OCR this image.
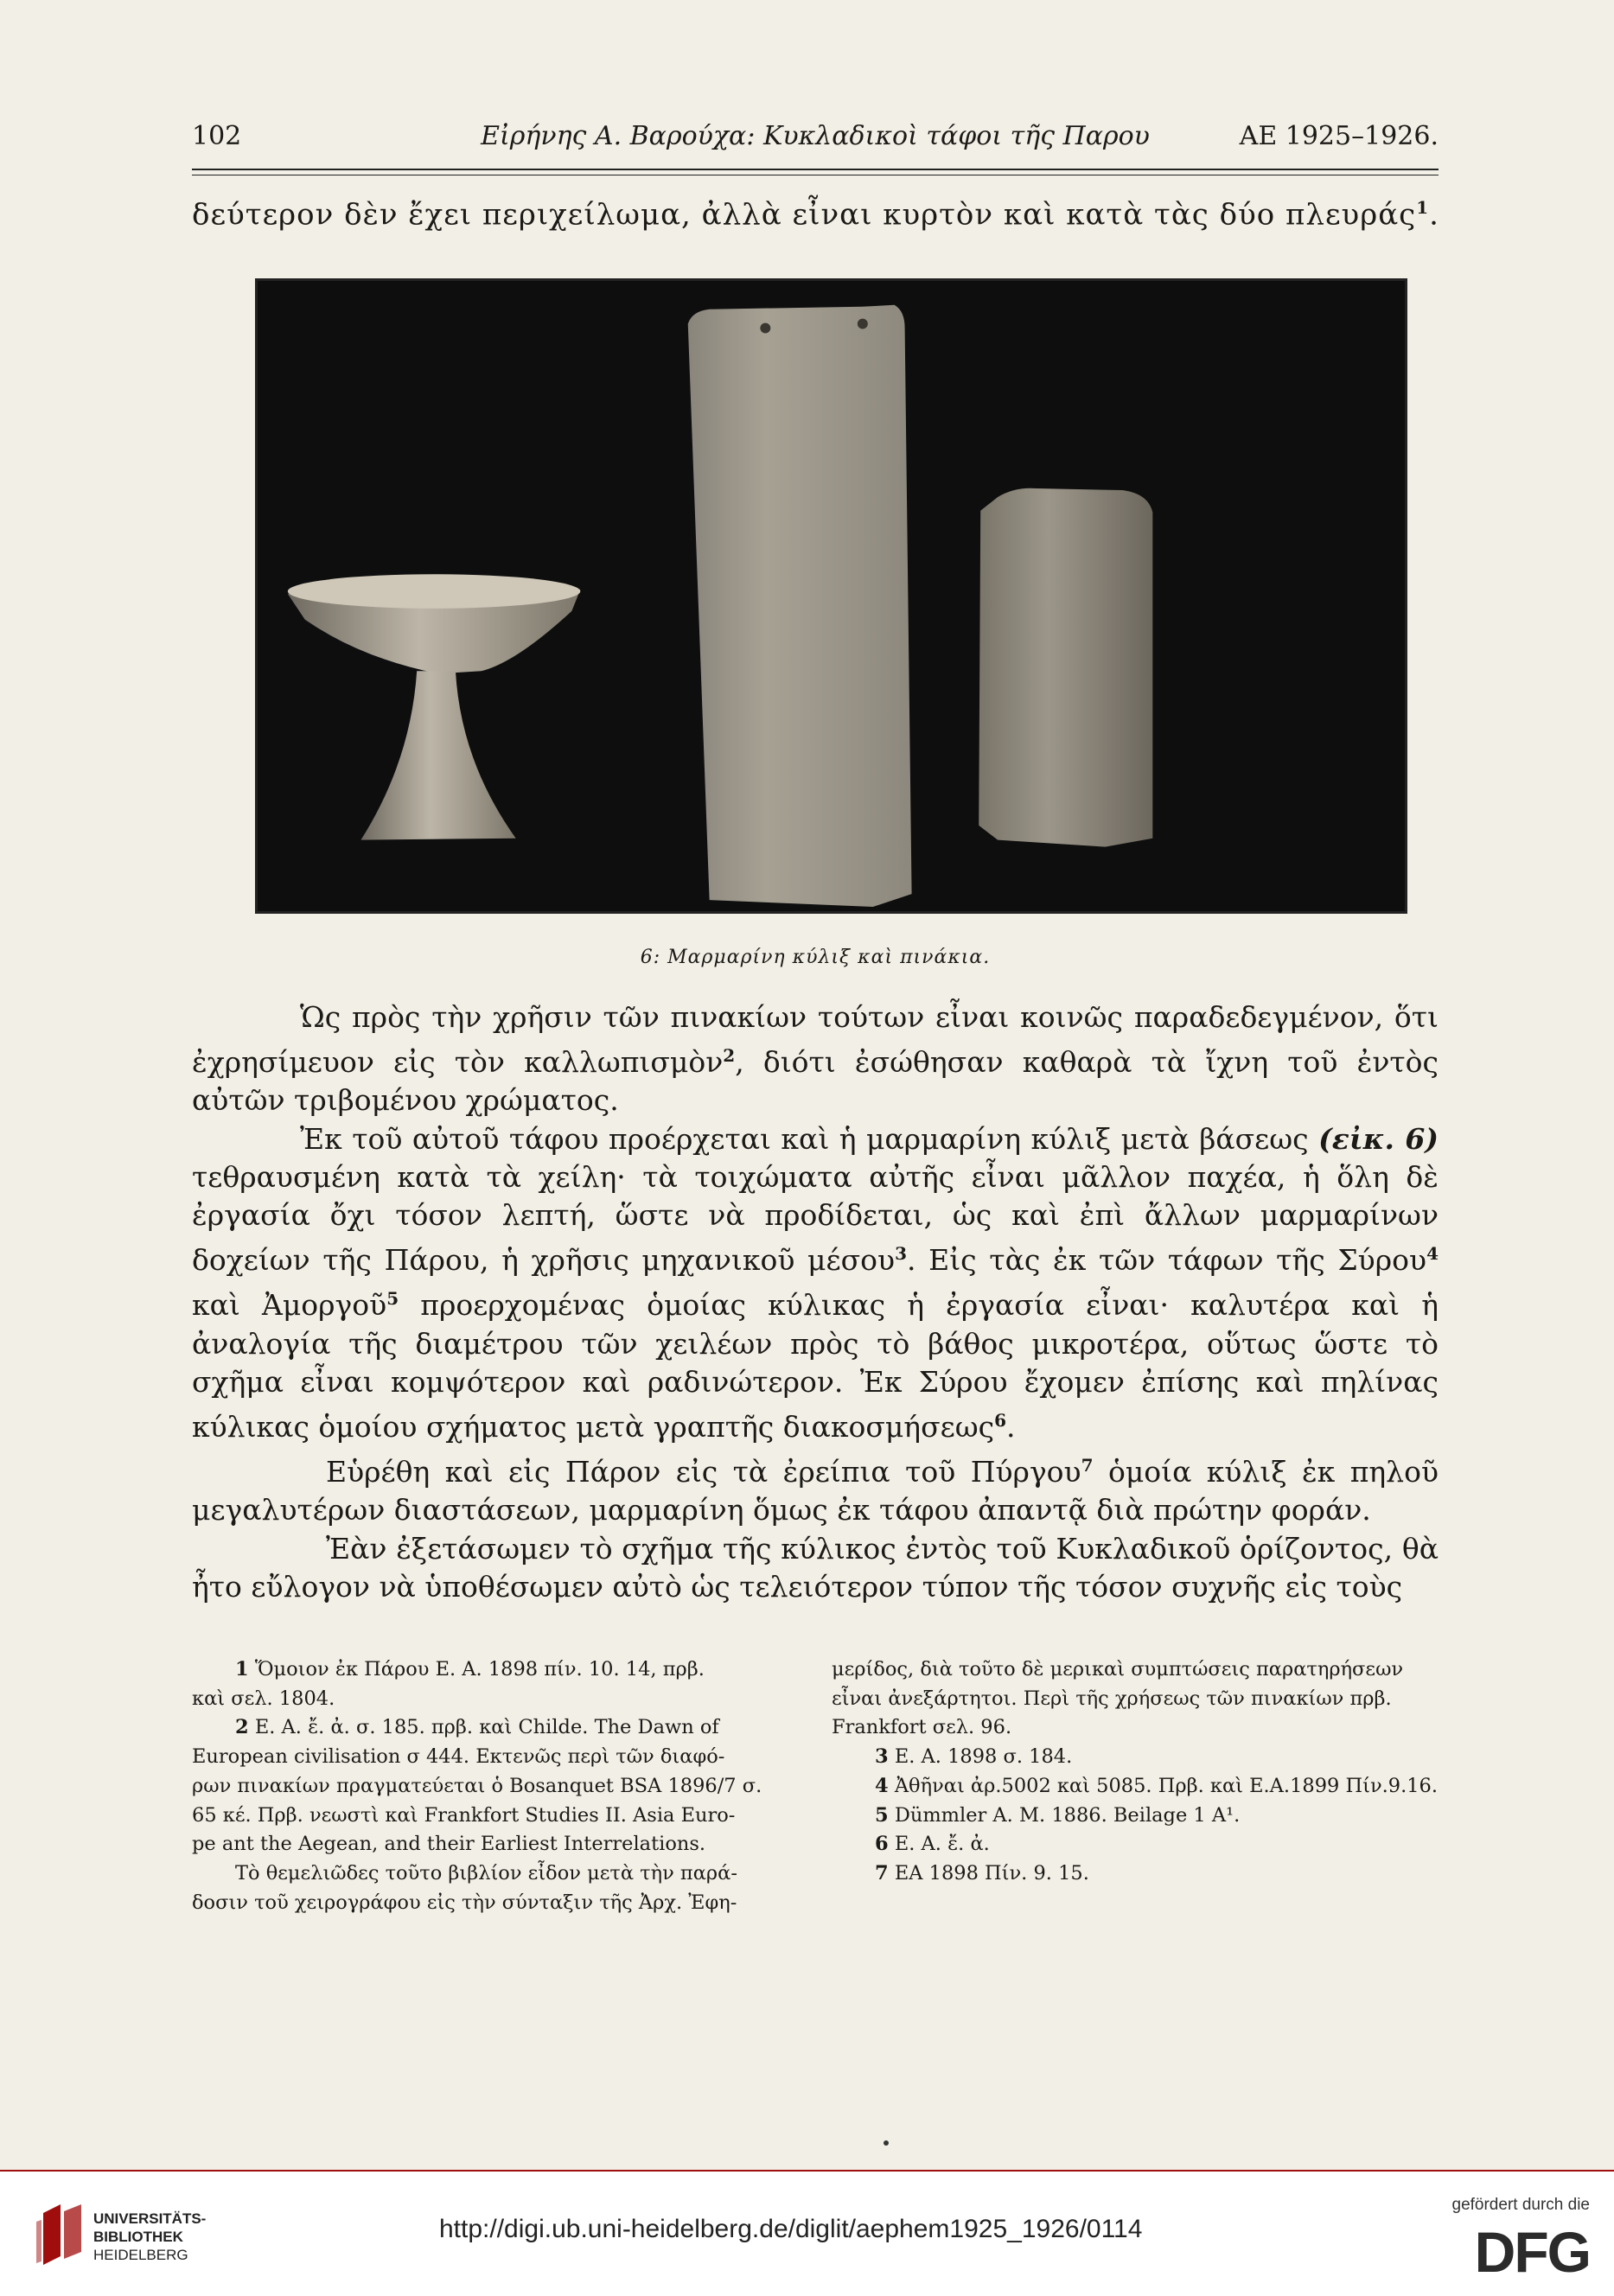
102	Εἰρήνης Α. Βαρούχα: Κυκλαδικοὶ τάφοι τῆς Παρου	ΑΕ 1925–1926.
δεύτερον δὲν ἔχει περιχείλωμα, ἀλλὰ εἶναι κυρτὸν καὶ κατὰ τὰς δύο πλευράς$^1$.
6: Μαρμαρίνη κύλιξ καὶ πινάκια.

Ὡς πρὸς τὴν χρῆσιν τῶν πινακίων τούτων εἶναι κοινῶς παραδεδεγμένον, ὅτι ἐχρησίμευον εἰς τὸν καλλωπισμὸν$^2$, διότι ἐσώθησαν καθαρὰ τὰ ἴχνη τοῦ ἐντὸς αὐτῶν τριβομένου χρώματος.

Ἐκ τοῦ αὐτοῦ τάφου προέρχεται καὶ ἡ μαρμαρίνη κύλιξ μετὰ βάσεως (εἰκ. 6) τεθραυσμένη κατὰ τὰ χείλη· τὰ τοιχώματα αὐτῆς εἶναι μᾶλλον παχέα, ἡ ὅλη δὲ ἐργασία ὄχι τόσον λεπτή, ὥστε νὰ προδίδεται, ὡς καὶ ἐπὶ ἄλλων μαρμαρίνων δοχείων τῆς Πάρου, ἡ χρῆσις μηχανικοῦ μέσου$^3$. Εἰς τὰς ἐκ τῶν τάφων τῆς Σύρου$^4$ καὶ Ἀμοργοῦ$^5$ προερχομένας ὁμοίας κύλικας ἡ ἐργασία εἶναι· καλυτέρα καὶ ἡ ἀναλογία τῆς διαμέτρου τῶν χειλέων πρὸς τὸ βάθος μικροτέρα, οὕτως ὥστε τὸ σχῆμα εἶναι κομψότερον καὶ ραδινώτερον. Ἐκ Σύρου ἔχομεν ἐπίσης καὶ πηλίνας κύλικας ὁμοίου σχήματος μετὰ γραπτῆς διακοσμήσεως$^6$.

Εὑρέθη καὶ εἰς Πάρον εἰς τὰ ἐρείπια τοῦ Πύργου$^7$ ὁμοία κύλιξ ἐκ πηλοῦ μεγαλυτέρων διαστάσεων, μαρμαρίνη ὅμως ἐκ τάφου ἀπαντᾷ διὰ πρώτην φοράν.

Ἐὰν ἐξετάσωμεν τὸ σχῆμα τῆς κύλικος ἐντὸς τοῦ Κυκλαδικοῦ ὁρίζοντος, θὰ ἦτο εὔλογον νὰ ὑποθέσωμεν αὐτὸ ὡς τελειότερον τύπον τῆς τόσον συχνῆς εἰς τοὺς

1 Ὅμοιον ἐκ Πάρου Ε. Α. 1898 πίν. 10. 14, πρβ.
καὶ σελ. 1804.
2 Ε. Α. ἔ. ἀ. σ. 185. πρβ. καὶ Childe. The Dawn of
European civilisation σ 444. Εκτενῶς περὶ τῶν διαφό-
ρων πινακίων πραγματεύεται ὁ Bosanquet BSA 1896/7 σ.
65 κέ. Πρβ. νεωστὶ καὶ Frankfort Studies II. Asia Euro-
pe ant the Aegean, and their Earliest Interrelations.
Τὸ θεμελιῶδες τοῦτο βιβλίον εἶδον μετὰ τὴν παρά-
δοσιν τοῦ χειρογράφου εἰς τὴν σύνταξιν τῆς Ἀρχ. Ἐφη-
μερίδος, διὰ τοῦτο δὲ μερικαὶ συμπτώσεις παρατηρήσεων
εἶναι ἀνεξάρτητοι. Περὶ τῆς χρήσεως τῶν πινακίων πρβ.
Frankfort σελ. 96.
3 Ε. Α. 1898 σ. 184.
4 Ἀθῆναι ἀρ.5002 καὶ 5085. Πρβ. καὶ Ε.Α.1899 Πίν.9.16.
5 Dümmler Α. Μ. 1886. Beilage 1 A¹.
6 Ε. Α. ἔ. ἀ.
7 ΕΑ 1898 Πίν. 9. 15.
UNIVERSITÄTS-
BIBLIOTHEK
HEIDELBERG
http://digi.ub.uni-heidelberg.de/diglit/aephem1925_1926/0114
gefördert durch die
DFG
